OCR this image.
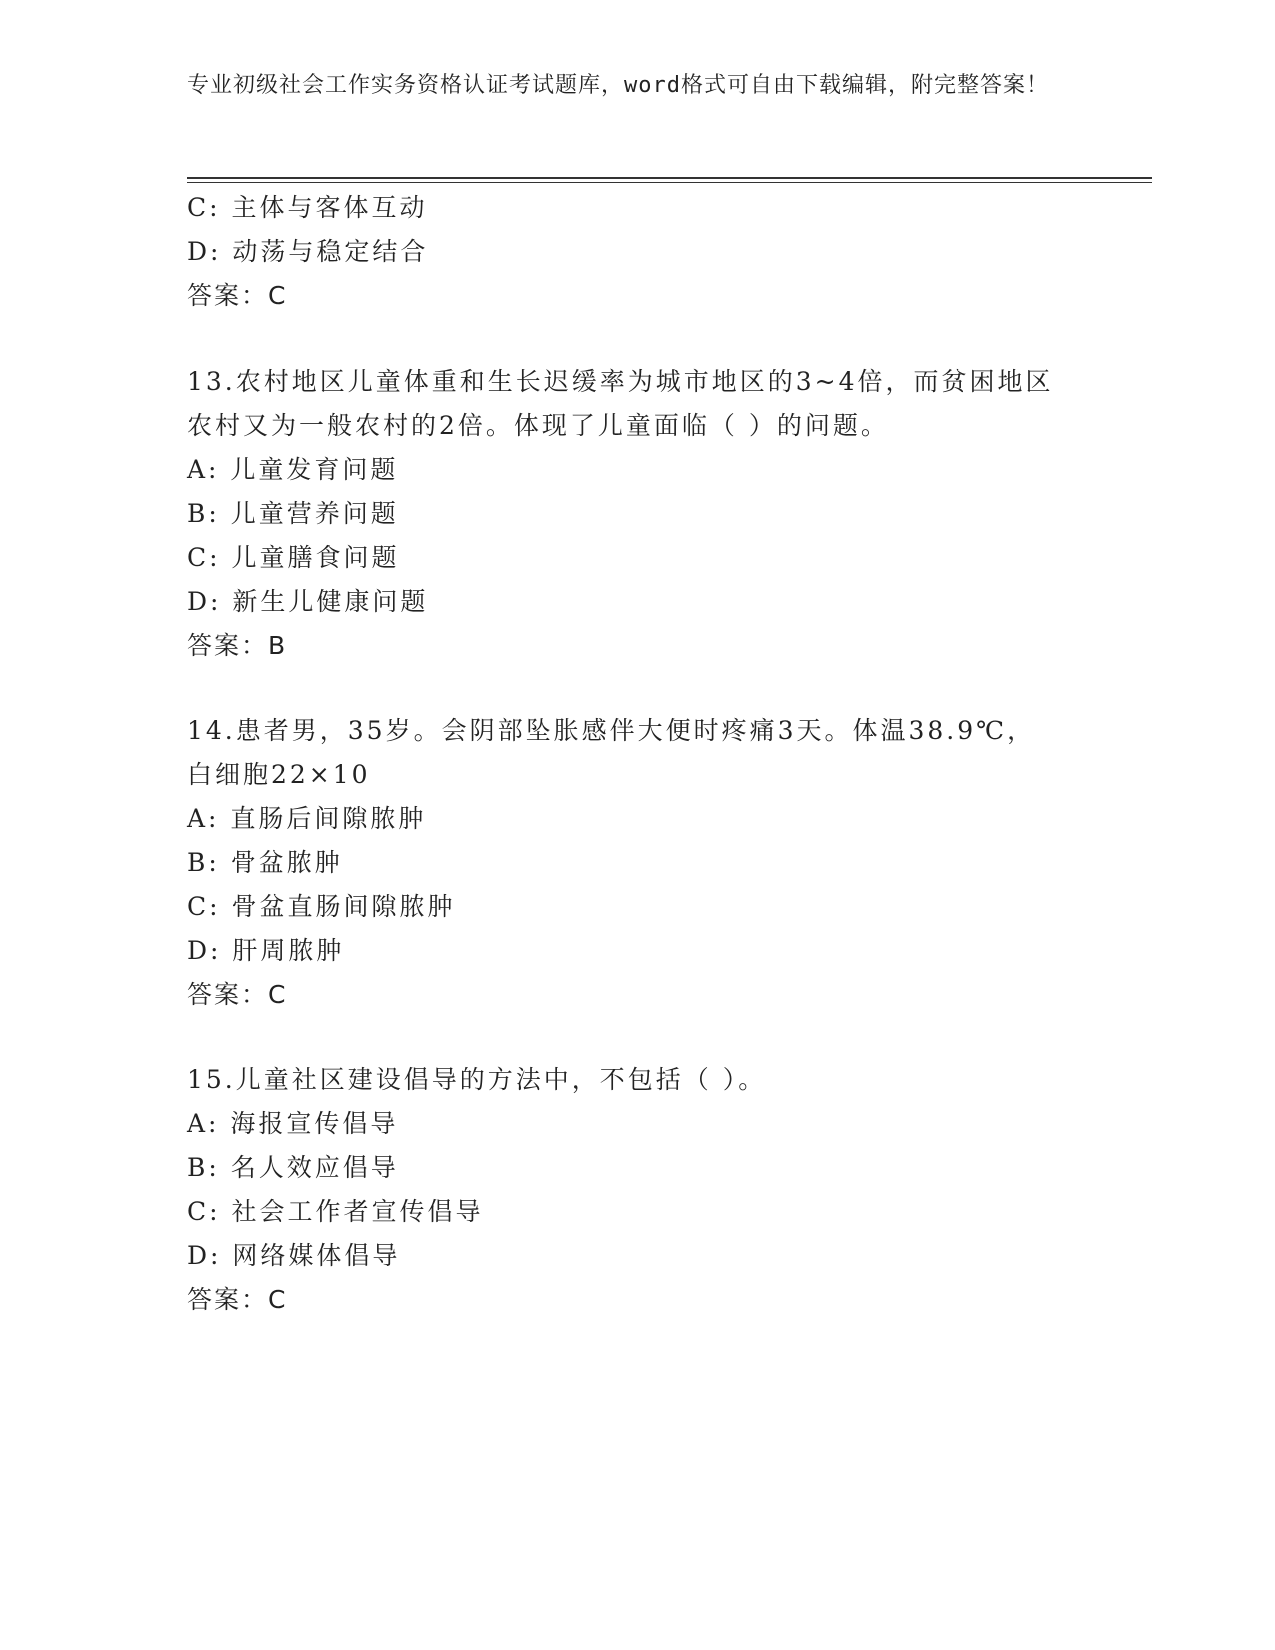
专业初级社会工作实务资格认证考试题库，word格式可自由下载编辑，附完整答案！
C: 主体与客体互动
D: 动荡与稳定结合
答案：C
13.农村地区儿童体重和生长迟缓率为城市地区的3~4倍，而贫困地区
农村又为一般农村的2倍。体现了儿童面临（ ）的问题。
A: 儿童发育问题
B: 儿童营养问题
C: 儿童膳食问题
D: 新生儿健康问题
答案：B
14.患者男，35岁。会阴部坠胀感伴大便时疼痛3天。体温38.9℃，
白细胞22×10
A: 直肠后间隙脓肿
B: 骨盆脓肿
C: 骨盆直肠间隙脓肿
D: 肝周脓肿
答案：C
15.儿童社区建设倡导的方法中，不包括（ ）。
A: 海报宣传倡导
B: 名人效应倡导
C: 社会工作者宣传倡导
D: 网络媒体倡导
答案：C
